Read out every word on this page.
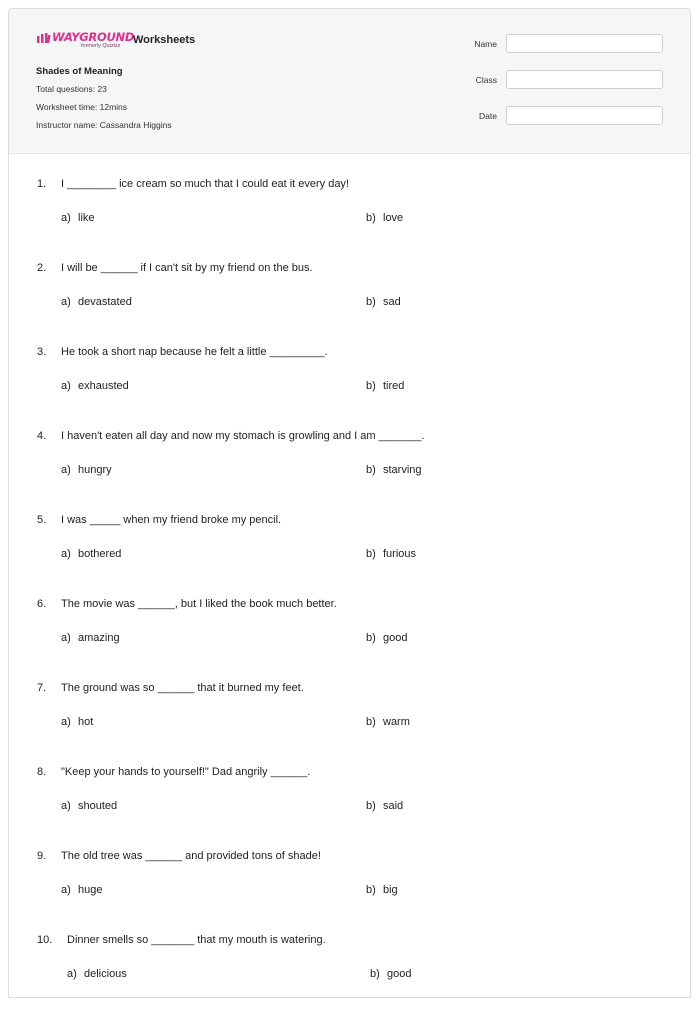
WAYGROUND
formerly Quizizz Worksheets
Shades of Meaning
Total questions: 23
Worksheet time: 12mins
Instructor name: Cassandra Higgins
Name
Class
Date
1. I ________ ice cream so much that I could eat it every day!
a) like	b) love
2. I will be ______ if I can't sit by my friend on the bus.
a) devastated	b) sad
3. He took a short nap because he felt a little _________.
a) exhausted	b) tired
4. I haven't eaten all day and now my stomach is growling and I am _______.
a) hungry	b) starving
5. I was _____ when my friend broke my pencil.
a) bothered	b) furious
6. The movie was ______, but I liked the book much better.
a) amazing	b) good
7. The ground was so ______ that it burned my feet.
a) hot	b) warm
8. "Keep your hands to yourself!" Dad angrily ______.
a) shouted	b) said
9. The old tree was ______ and provided tons of shade!
a) huge	b) big
10. Dinner smells so _______ that my mouth is watering.
a) delicious	b) good
